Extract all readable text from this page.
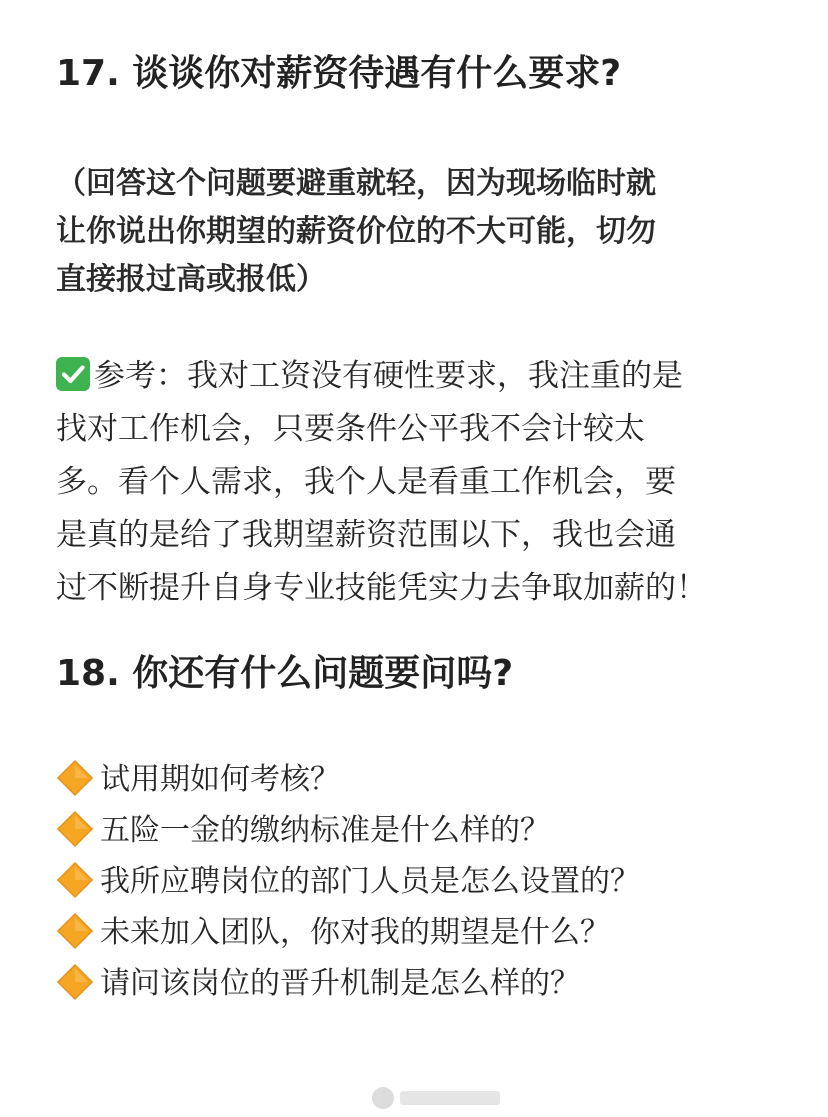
17. 谈谈你对薪资待遇有什么要求?
（回答这个问题要避重就轻，因为现场临时就
让你说出你期望的薪资价位的不大可能，切勿
直接报过高或报低）
参考：我对工资没有硬性要求，我注重的是
找对工作机会，只要条件公平我不会计较太
多。看个人需求，我个人是看重工作机会，要
是真的是给了我期望薪资范围以下，我也会通
过不断提升自身专业技能凭实力去争取加薪的！
18. 你还有什么问题要问吗?
试用期如何考核？
五险一金的缴纳标准是什么样的？
我所应聘岗位的部门人员是怎么设置的？
未来加入团队，你对我的期望是什么？
请问该岗位的晋升机制是怎么样的？
